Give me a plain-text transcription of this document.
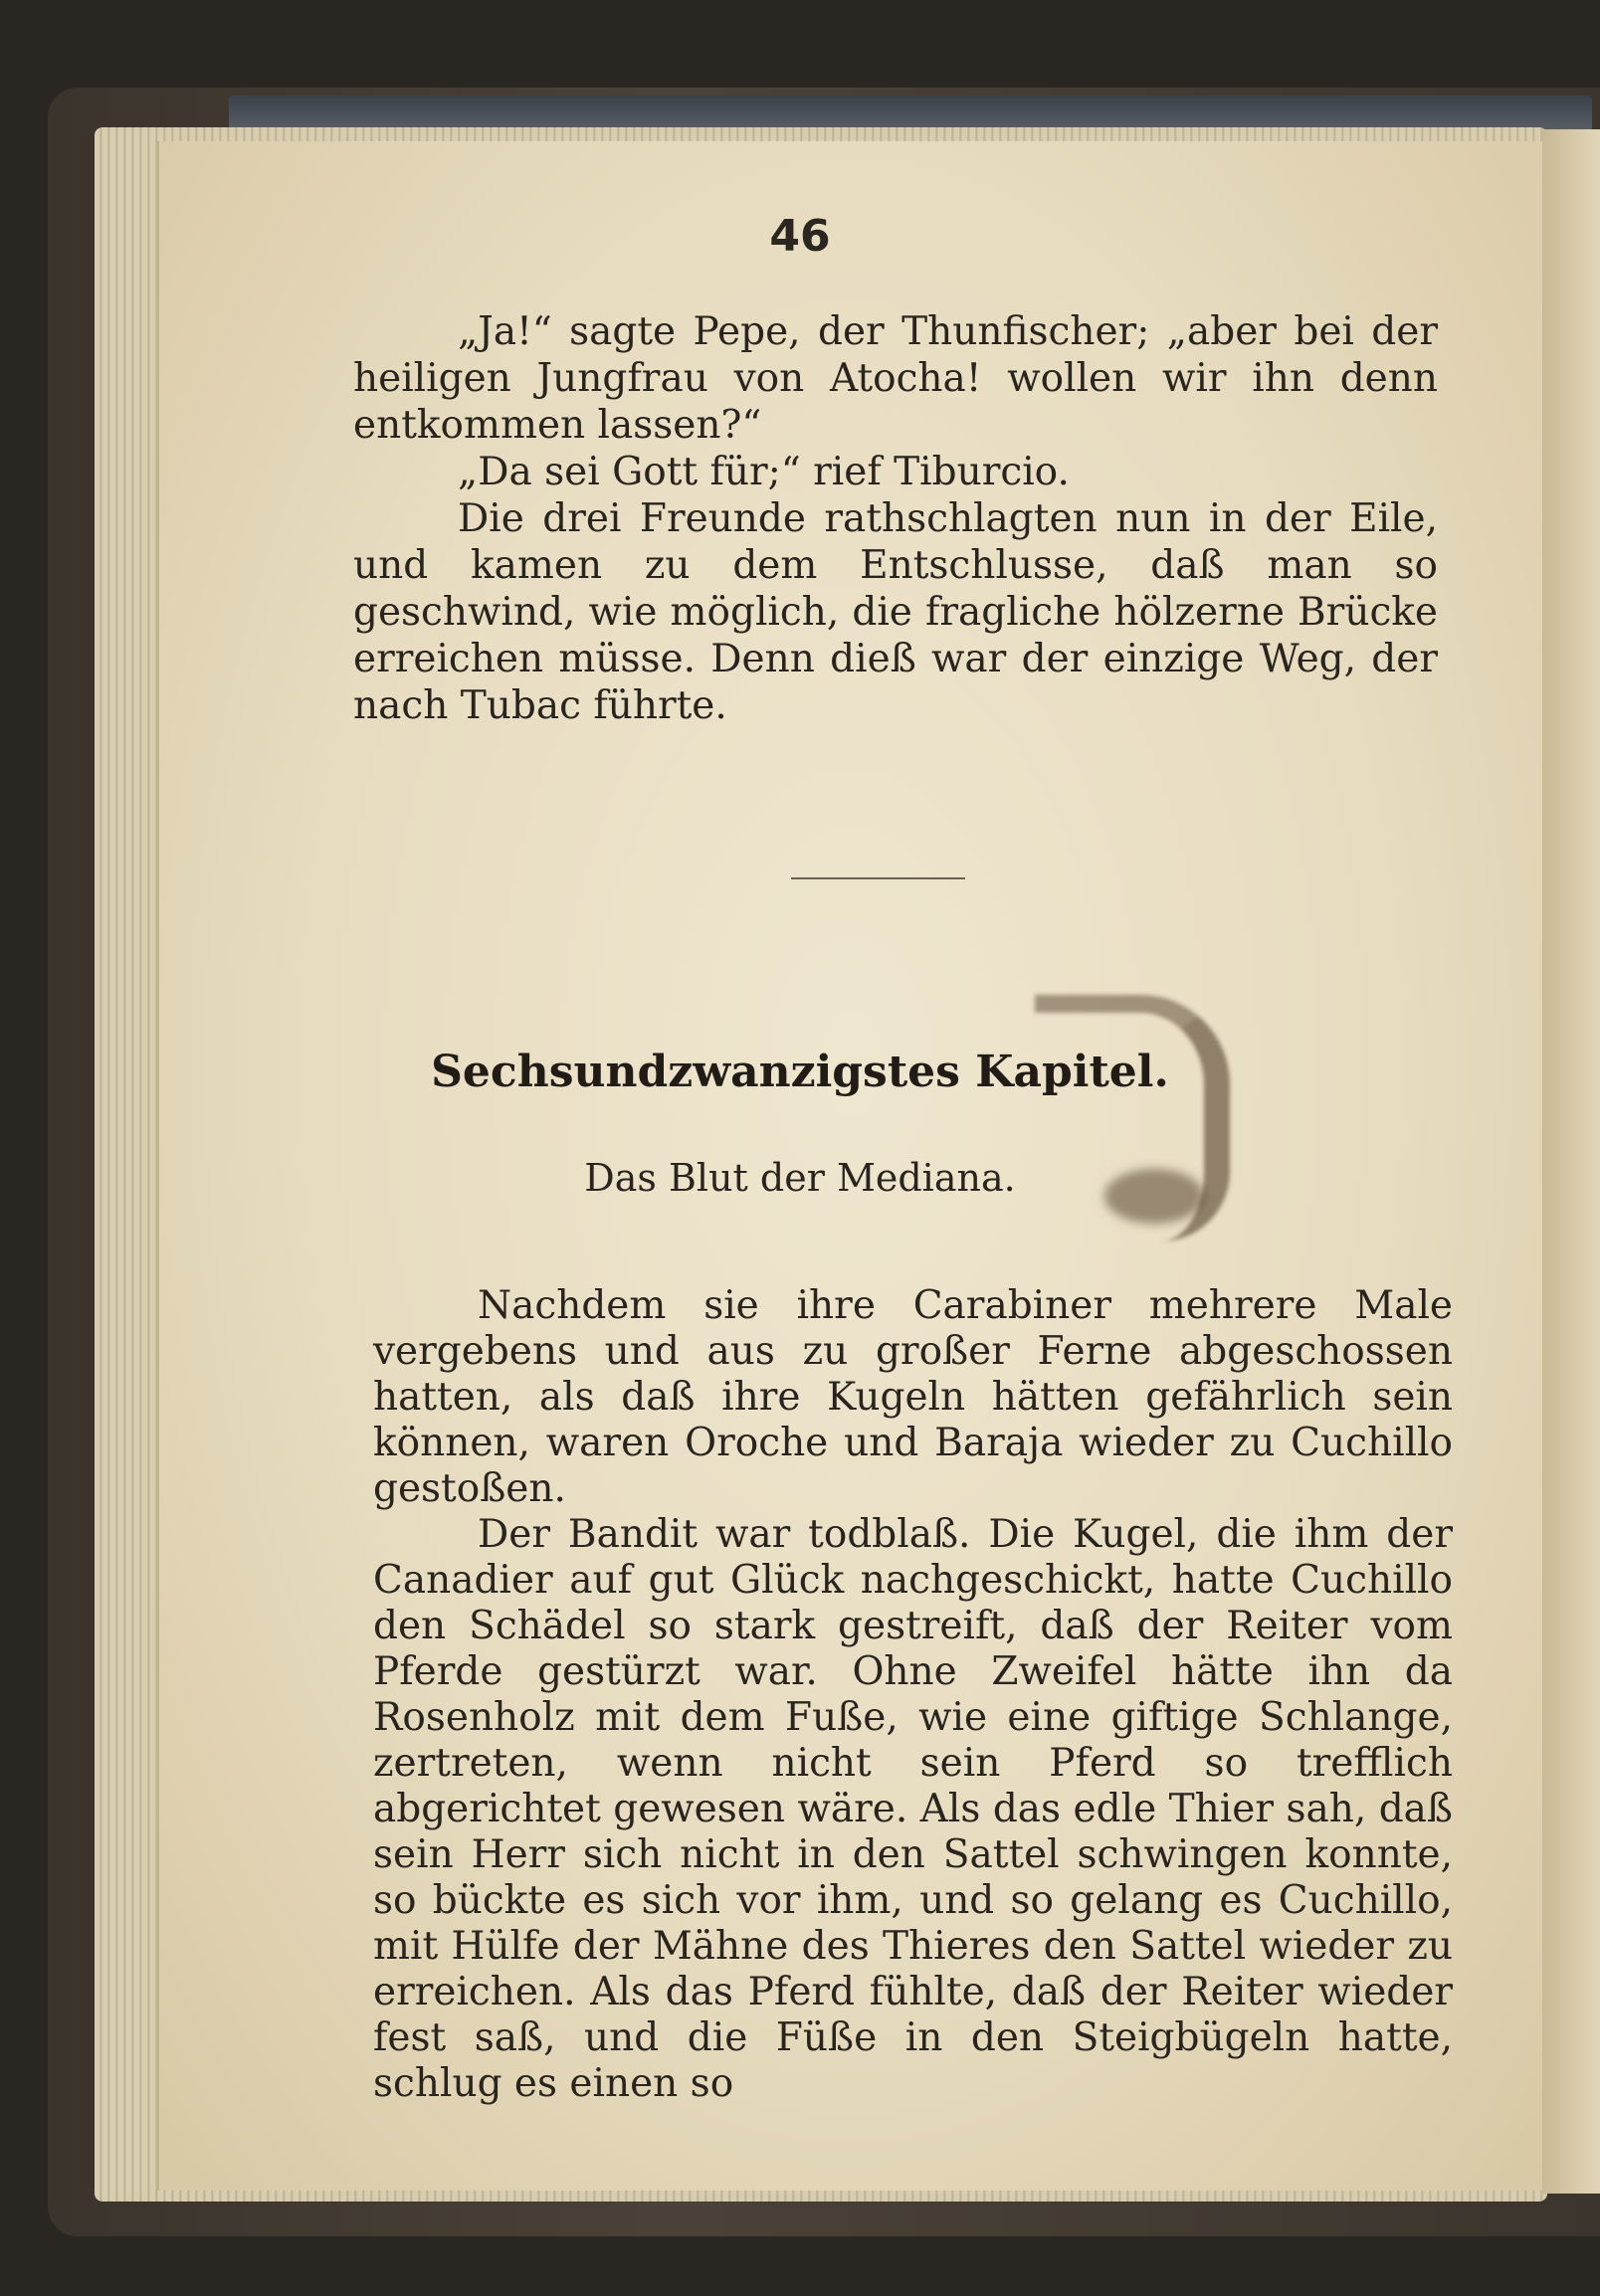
46

„Ja!“ sagte Pepe, der Thunfischer; „aber bei der heiligen Jungfrau von Atocha! wollen wir ihn denn entkommen lassen?“

„Da sei Gott für;“ rief Tiburcio.

Die drei Freunde rathschlagten nun in der Eile, und kamen zu dem Entschlusse, daß man so geschwind, wie möglich, die fragliche hölzerne Brücke erreichen müsse. Denn dieß war der einzige Weg, der nach Tubac führte.

Sechsundzwanzigstes Kapitel.
Das Blut der Mediana.

Nachdem sie ihre Carabiner mehrere Male vergebens und aus zu großer Ferne abgeschossen hatten, als daß ihre Kugeln hätten gefährlich sein können, waren Oroche und Baraja wieder zu Cuchillo gestoßen.

Der Bandit war todblaß. Die Kugel, die ihm der Canadier auf gut Glück nachgeschickt, hatte Cuchillo den Schädel so stark gestreift, daß der Reiter vom Pferde gestürzt war. Ohne Zweifel hätte ihn da Rosenholz mit dem Fuße, wie eine giftige Schlange, zertreten, wenn nicht sein Pferd so trefflich abgerichtet gewesen wäre. Als das edle Thier sah, daß sein Herr sich nicht in den Sattel schwingen konnte, so bückte es sich vor ihm, und so gelang es Cuchillo, mit Hülfe der Mähne des Thieres den Sattel wieder zu erreichen. Als das Pferd fühlte, daß der Reiter wieder fest saß, und die Füße in den Steigbügeln hatte, schlug es einen so
